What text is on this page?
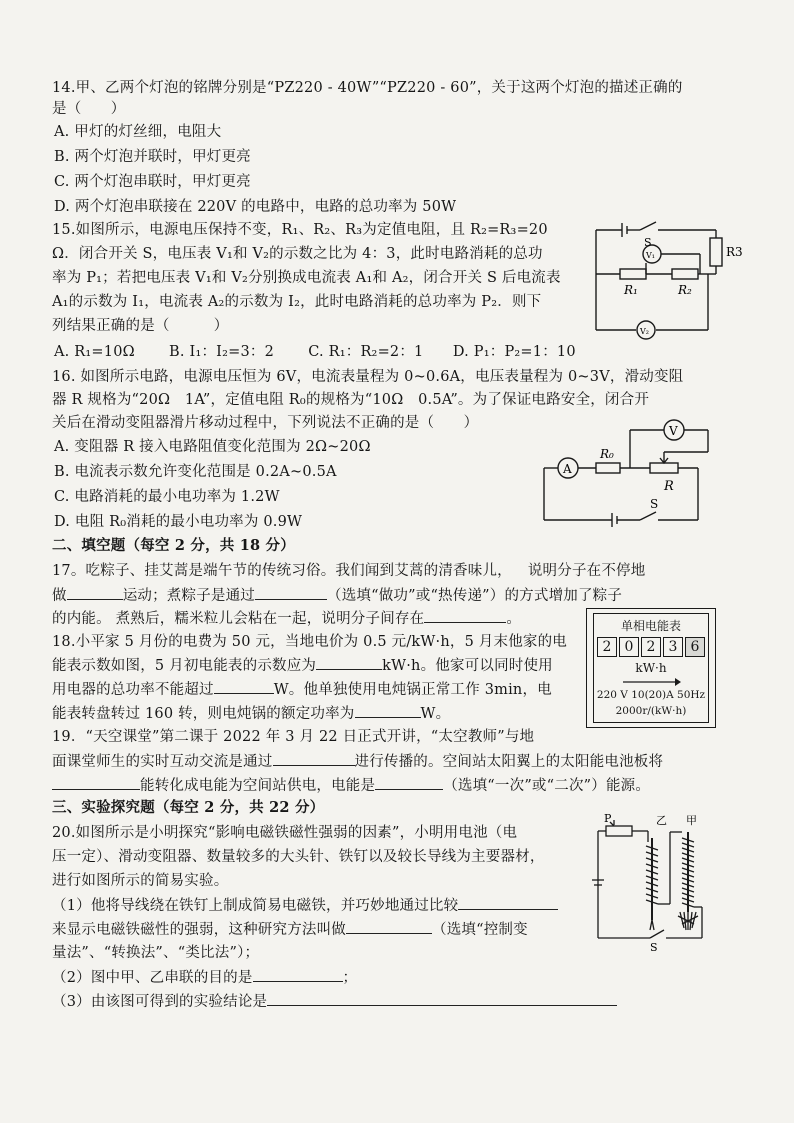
14.甲、乙两个灯泡的铭牌分别是“PZ220 - 40W”“PZ220 - 60”，关于这两个灯泡的描述正确的
是（　　）
A. 甲灯的灯丝细，电阻大
B. 两个灯泡并联时，甲灯更亮
C. 两个灯泡串联时，甲灯更亮
D. 两个灯泡串联接在 220V 的电路中，电路的总功率为 50W
15.如图所示，电源电压保持不变，R₁、R₂、R₃为定值电阻，且 R₂=R₃=20
Ω．闭合开关 S，电压表 V₁和 V₂的示数之比为 4：3，此时电路消耗的总功
率为 P₁；若把电压表 V₁和 V₂分别换成电流表 A₁和 A₂，闭合开关 S 后电流表
A₁的示数为 I₁，电流表 A₂的示数为 I₂，此时电路消耗的总功率为 P₂．则下
列结果正确的是（　　　）
A. R₁=10Ω　　 B. I₁：I₂=3：2　　 C. R₁：R₂=2：1　　D. P₁：P₂=1：10
S
R3
R₁	R₂
V₁
V₂
16. 如图所示电路，电源电压恒为 6V，电流表量程为 0~0.6A，电压表量程为 0~3V，滑动变阻
器 R 规格为“20Ω　1A”，定值电阻 R₀的规格为“10Ω　0.5A”。为了保证电路安全，闭合开
关后在滑动变阻器滑片移动过程中，下列说法不正确的是（　　）
A. 变阻器 R 接入电路阻值变化范围为 2Ω~20Ω
B. 电流表示数允许变化范围是 0.2A~0.5A
C. 电路消耗的最小电功率为 1.2W
D. 电阻 R₀消耗的最小电功率为 0.9W
A
V
R₀
R
S
二、填空题（每空 2 分，共 18 分）
17。吃粽子、挂艾蒿是端午节的传统习俗。我们闻到艾蒿的清香味儿， 说明分子在不停地
做	运动；煮粽子是通过	（选填“做功”或“热传递”）的方式增加了粽子
的内能。 煮熟后，糯米粒儿会粘在一起，说明分子间存在	。
18.小平家 5 月份的电费为 50 元，当地电价为 0.5 元/kW·h，5 月末他家的电
能表示数如图，5 月初电能表的示数应为	kW·h。他家可以同时使用
用电器的总功率不能超过	W。他单独使用电炖锅正常工作 3min，电
能表转盘转过 160 转，则电炖锅的额定功率为	W。
单相电能表
2 0 2 3 6
kW·h
220 V 10(20)A 50Hz
2000r/(kW·h)
19．“天空课堂”第二课于 2022 年 3 月 22 日正式开讲，“太空教师”与地
面课堂师生的实时互动交流是通过	进行传播的。空间站太阳翼上的太阳能电池板将
能转化成电能为空间站供电，电能是	（选填“一次”或“二次”）能源。
三、实验探究题（每空 2 分，共 22 分）
20.如图所示是小明探究“影响电磁铁磁性强弱的因素”，小明用电池（电
压一定）、滑动变阻器、数量较多的大头针、铁钉以及较长导线为主要器材，
进行如图所示的简易实验。
（1）他将导线绕在铁钉上制成简易电磁铁，并巧妙地通过比较
来显示电磁铁磁性的强弱，这种研究方法叫做	（选填“控制变
量法”、“转换法”、“类比法”）；
（2）图中甲、乙串联的目的是	；
（3）由该图可得到的实验结论是
P	乙 甲
S
